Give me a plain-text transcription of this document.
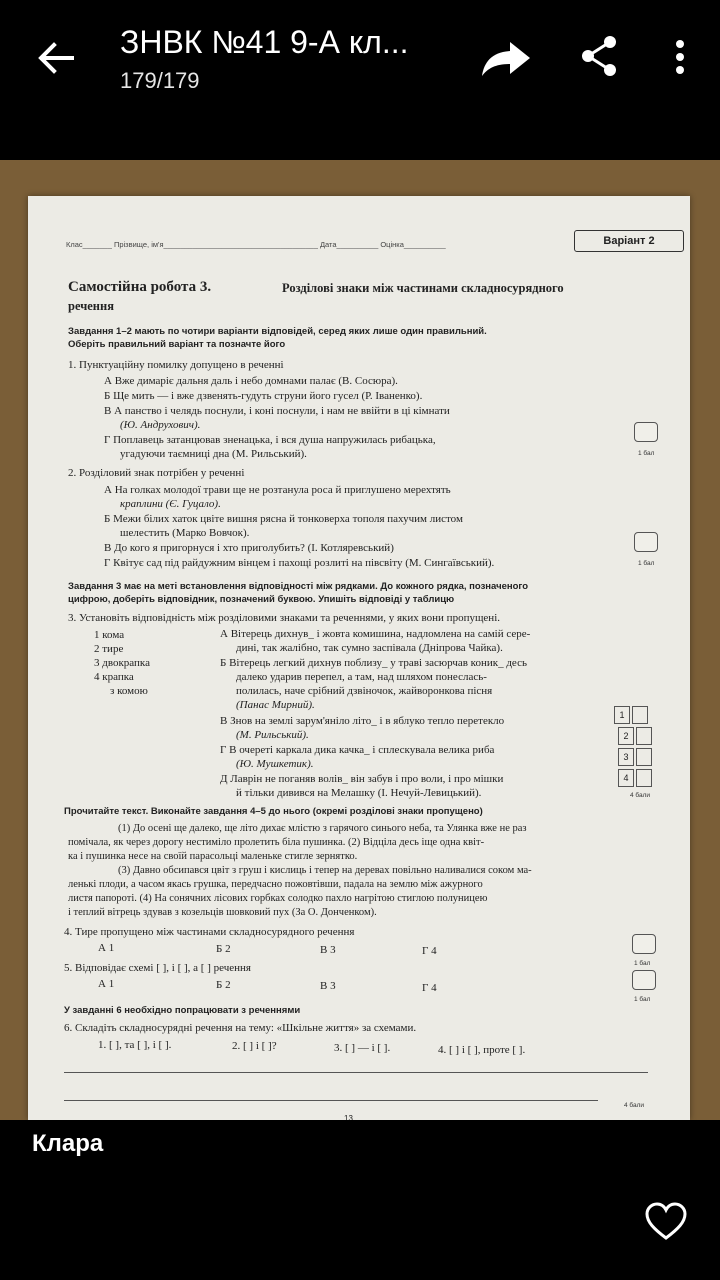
ЗНВК №41 9-А кл...
179/179
Клас_______ Прізвище, ім'я_____________________________________ Дата__________ Оцінка__________	Варіант 2
Самостійна робота 3.	Розділові знаки між частинами складносурядного
речення
Завдання 1–2 мають по чотири варіанти відповідей, серед яких лише один правильний.
Оберіть правильний варіант та позначте його
1. Пунктуаційну помилку допущено в реченні
А Вже димаріє дальня даль і небо домнами палає (В. Сосюра).
Б Ще мить — і вже дзвенять-гудуть струни його гусел (Р. Іваненко).
В А панство і челядь поснули, і коні поснули, і нам не ввійти в ці кімнати
(Ю. Андрухович).
Г Поплавець затанцював зненацька, і вся душа напружилась рибацька,
угадуючи таємниці дна (М. Рильський).	1 бал
2. Розділовий знак потрібен у реченні
А На голках молодої трави ще не розтанула роса й приглушено мерехтять
краплини (Є. Гуцало).
Б Межи білих хаток цвіте вишня рясна й тонковерха тополя пахучим листом
шелестить (Марко Вовчок).
В До кого я пригорнуся і хто приголубить? (І. Котляревський)
Г Квітує сад під райдужним вінцем і пахощі розлиті на півсвіту (М. Сингаївський).	1 бал
Завдання 3 має на меті встановлення відповідності між рядками. До кожного рядка, позначеного
цифрою, доберіть відповідник, позначений буквою. Упишіть відповіді у таблицю
3. Установіть відповідність між розділовими знаками та реченнями, у яких вони пропущені.
1 кома
2 тире
3 двокрапка
4 крапка
з комою
А Вітерець дихнув_ і жовта комишина, надломлена на самій сере-
дині, так жалібно, так сумно заспівала (Дніпрова Чайка).
Б Вітерець легкий дихнув поблизу_ у траві засюрчав коник_ десь
далеко ударив перепел, а там, над шляхом понеслась-
полилась, наче срібний дзвіночок, жайворонкова пісня
(Панас Мирний).
В Знов на землі зарум'яніло літо_ і в яблуко тепло перетекло
(М. Рильський).
Г В очереті каркала дика качка_ і сплескувала велика риба
(Ю. Мушкетик).
Д Лаврін не поганяв волів_ він забув і про воли, і про мішки
й тільки дивився на Мелашку (І. Нечуй-Левицький).
1
2
3
4
4 бали
Прочитайте текст. Виконайте завдання 4–5 до нього (окремі розділові знаки пропущено)
(1) До осені ще далеко, ще літо дихає млістю з гарячого синього неба, та Улянка вже не раз
помічала, як через дорогу нестиміло пролетить біла пушинка. (2) Відціла десь іще одна квіт-
ка і пушинка несе на своїй парасольці маленьке стигле зернятко.
(3) Давно обсипався цвіт з груш і кислиць і тепер на деревах повільно наливалися соком ма-
ленькі плоди, а часом якась грушка, передчасно пожовтівши, падала на землю між ажурного
листя папороті. (4) На сонячних лісових горбках солодко пахло нагрітою стиглою полуницею
і теплий вітрець здував з козельців шовковий пух (За О. Донченком).
4. Тире пропущено між частинами складносурядного речення
А 1	Б 2	В 3	Г 4
1 бал
5. Відповідає схемі [ ], і [ ], а [ ] речення
А 1	Б 2	В 3	Г 4
1 бал
У завданні 6 необхідно попрацювати з реченнями
6. Складіть складносурядні речення на тему: «Шкільне життя» за схемами.
1. [ ], та [ ], і [ ].	2. [ ] і [ ]?	3. [ ] — і [ ].	4. [ ] і [ ], проте [ ].
4 бали
13
Клара
